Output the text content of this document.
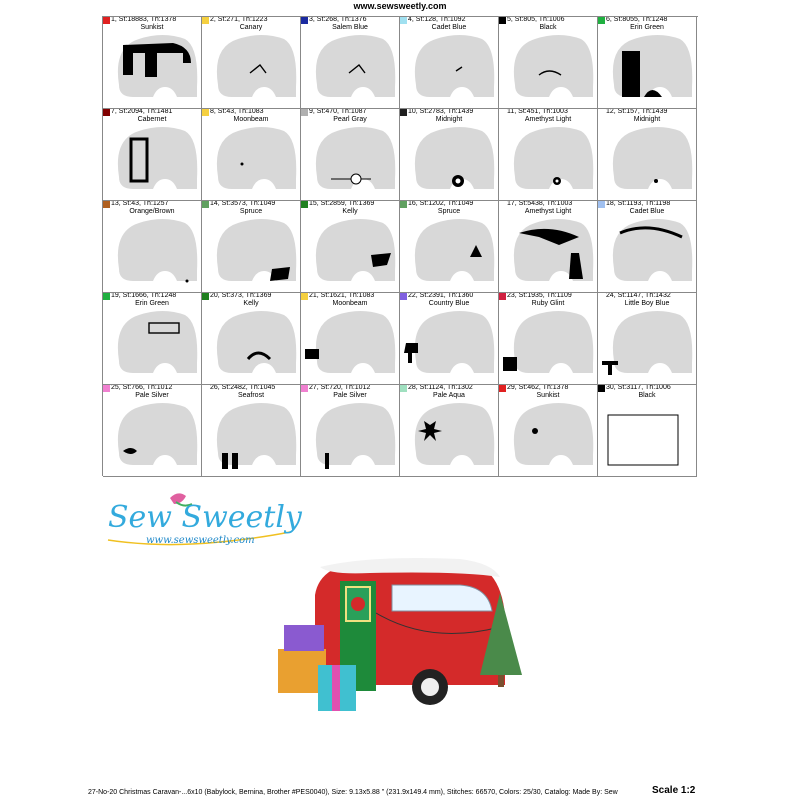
www.sewsweetly.com
1, St:18883, Th:1378
Sunkist
2, St:271, Th:1223
Canary
3, St:268, Th:1376
Salem Blue
4, St:128, Th:1092
Cadet Blue
5, St:805, Th:1006
Black
6, St:8055, Th:1248
Erin Green
7, St:2094, Th:1481
Cabernet
8, St:43, Th:1083
Moonbeam
9, St:470, Th:1087
Pearl Gray
10, St:2783, Th:1439
Midnight
11, St:451, Th:1003
Amethyst Light
12, St:157, Th:1439
Midnight
13, St:43, Th:1257
Orange/Brown
14, St:3573, Th:1049
Spruce
15, St:2859, Th:1369
Kelly
16, St:1202, Th:1049
Spruce
17, St:5438, Th:1003
Amethyst Light
18, St:1193, Th:1198
Cadet Blue
19, St:1666, Th:1248
Erin Green
20, St:373, Th:1369
Kelly
21, St:1621, Th:1083
Moonbeam
22, St:2391, Th:1360
Country Blue
23, St:1935, Th:1109
Ruby Glint
24, St:1147, Th:1432
Little Boy Blue
25, St:766, Th:1012
Pale Silver
26, St:2482, Th:1045
Seafrost
27, St:720, Th:1012
Pale Silver
28, St:1124, Th:1302
Pale Aqua
29, St:462, Th:1378
Sunkist
30, St:3117, Th:1006
Black
Sew Sweetly
www.sewsweetly.com
27-No-20 Christmas Caravan-...6x10 (Babylock, Bernina, Brother #PES0040), Size: 9.13x5.88 " (231.9x149.4 mm), Stitches: 66570, Colors: 25/30, Catalog: Made By: Sew	Scale 1:2
